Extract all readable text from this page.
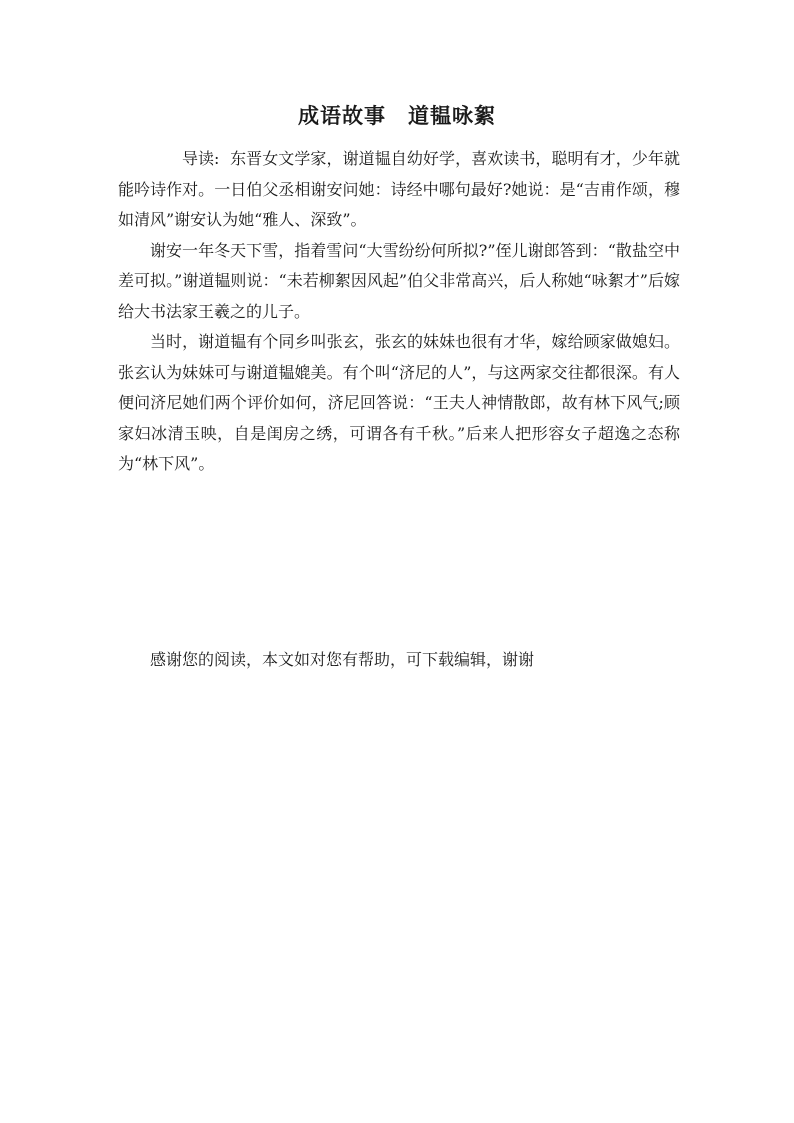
成语故事　道韫咏絮

导读: 东晋女文学家，谢道韫自幼好学，喜欢读书，聪明有才，少年就能吟诗作对。一日伯父丞相谢安问她：诗经中哪句最好?她说：是“吉甫作颂，穆如清风”谢安认为她“雅人、深致”。

谢安一年冬天下雪，指着雪问“大雪纷纷何所拟?”侄儿谢郎答到：“散盐空中差可拟。”谢道韫则说：“未若柳絮因风起”伯父非常高兴，后人称她“咏絮才”后嫁给大书法家王羲之的儿子。

当时，谢道韫有个同乡叫张玄，张玄的妹妹也很有才华，嫁给顾家做媳妇。张玄认为妹妹可与谢道韫媲美。有个叫“济尼的人”，与这两家交往都很深。有人便问济尼她们两个评价如何，济尼回答说：“王夫人神情散郎，故有林下风气;顾家妇冰清玉映，自是闺房之绣，可谓各有千秋。”后来人把形容女子超逸之态称为“林下风”。

感谢您的阅读，本文如对您有帮助，可下载编辑，谢谢
